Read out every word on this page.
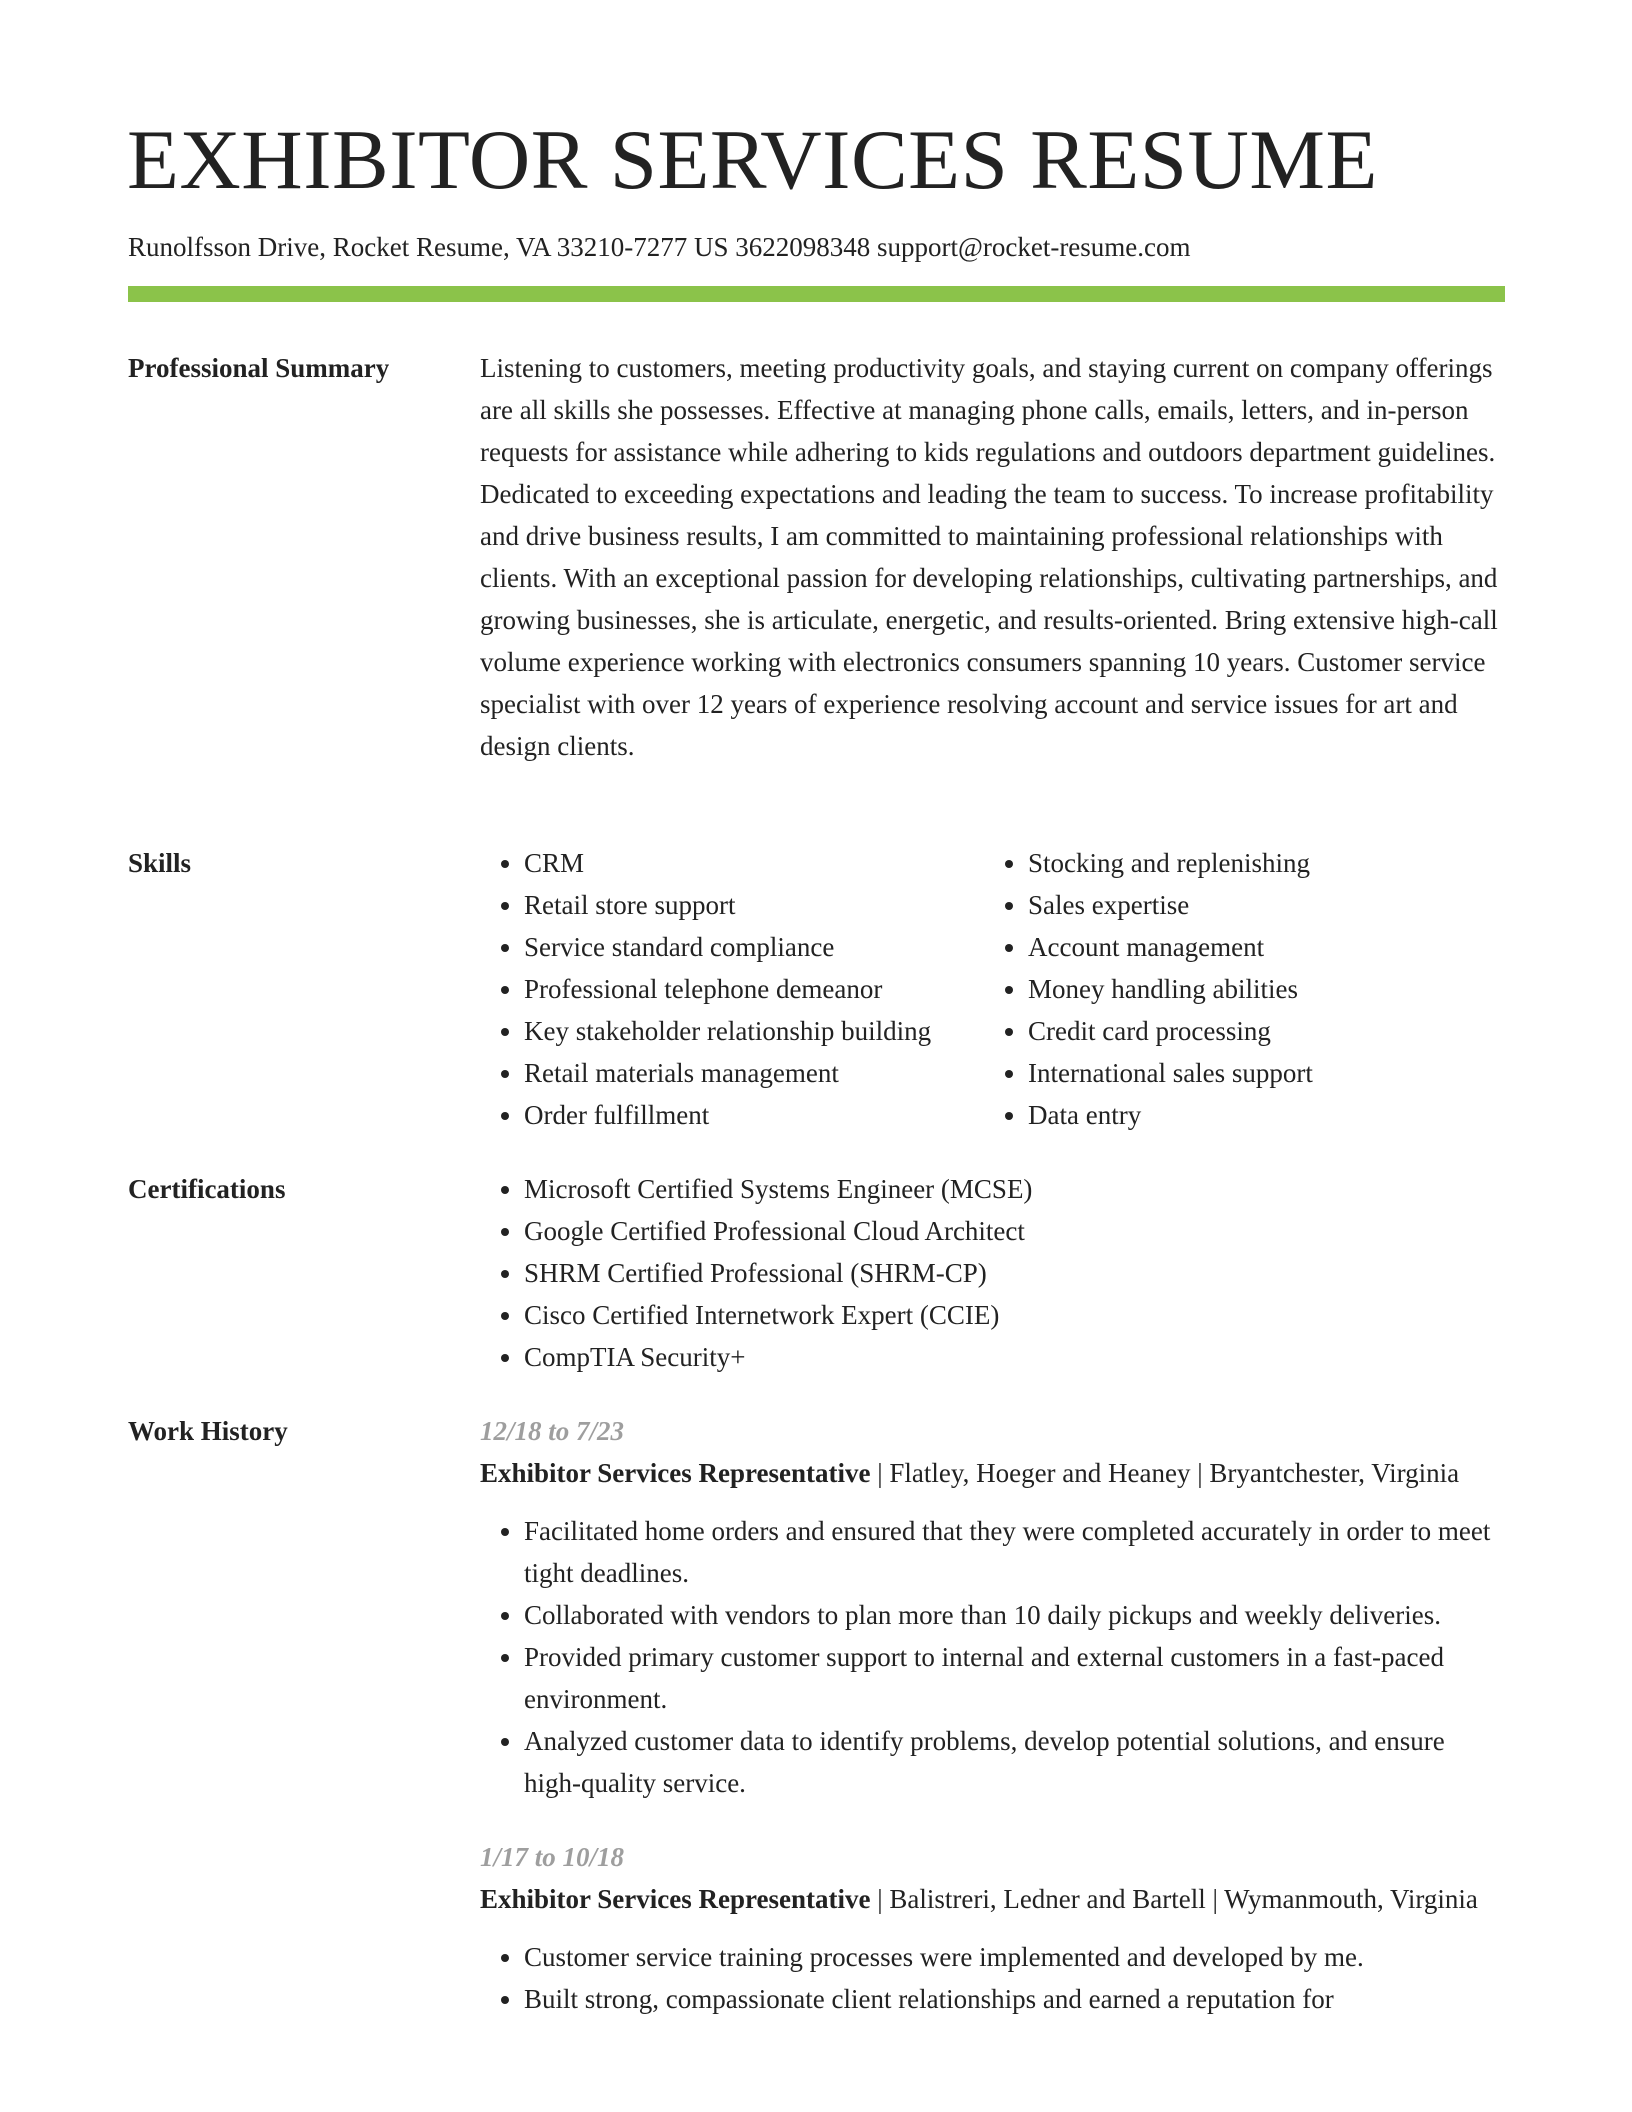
EXHIBITOR SERVICES RESUME
Runolfsson Drive, Rocket Resume, VA 33210-7277 US 3622098348 support@rocket-resume.com
Professional Summary	Listening to customers, meeting productivity goals, and staying current on company offerings are all skills she possesses. Effective at managing phone calls, emails, letters, and in-person requests for assistance while adhering to kids regulations and outdoors department guidelines. Dedicated to exceeding expectations and leading the team to success. To increase profitability and drive business results, I am committed to maintaining professional relationships with clients. With an exceptional passion for developing relationships, cultivating partnerships, and growing businesses, she is articulate, energetic, and results-oriented. Bring extensive high-call volume experience working with electronics consumers spanning 10 years. Customer service specialist with over 12 years of experience resolving account and service issues for art and design clients.

Skills	• CRM
• Retail store support
• Service standard compliance
• Professional telephone demeanor
• Key stakeholder relationship building
• Retail materials management
• Order fulfillment
• Stocking and replenishing
• Sales expertise
• Account management
• Money handling abilities
• Credit card processing
• International sales support
• Data entry
Certifications	• Microsoft Certified Systems Engineer (MCSE)
• Google Certified Professional Cloud Architect
• SHRM Certified Professional (SHRM-CP)
• Cisco Certified Internetwork Expert (CCIE)
• CompTIA Security+
Work History	12/18 to 7/23
Exhibitor Services Representative | Flatley, Hoeger and Heaney | Bryantchester, Virginia
• Facilitated home orders and ensured that they were completed accurately in order to meet tight deadlines.
• Collaborated with vendors to plan more than 10 daily pickups and weekly deliveries.
• Provided primary customer support to internal and external customers in a fast-paced environment.
• Analyzed customer data to identify problems, develop potential solutions, and ensure high-quality service.
1/17 to 10/18
Exhibitor Services Representative | Balistreri, Ledner and Bartell | Wymanmouth, Virginia
• Customer service training processes were implemented and developed by me.
• Built strong, compassionate client relationships and earned a reputation for
